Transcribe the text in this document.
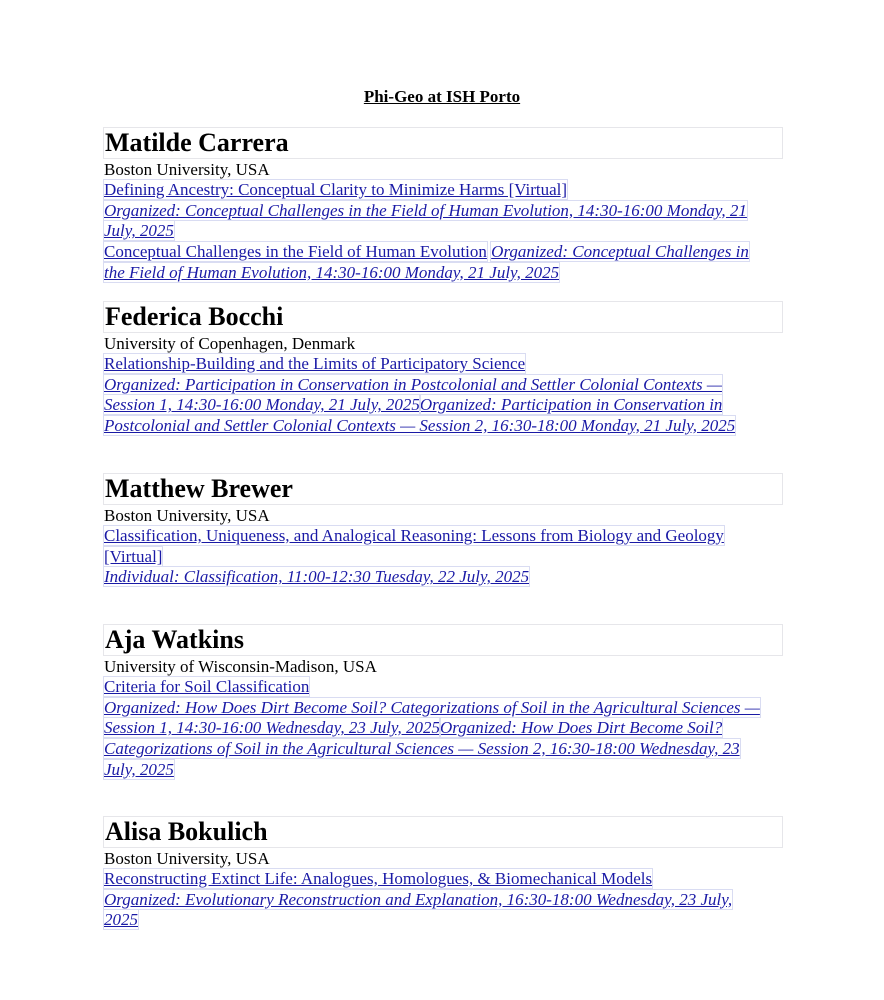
Phi-Geo at ISH Porto
Matilde Carrera
Boston University, USA
Defining Ancestry: Conceptual Clarity to Minimize Harms [Virtual]
Organized: Conceptual Challenges in the Field of Human Evolution, 14:30-16:00 Monday, 21
July, 2025
Conceptual Challenges in the Field of Human Evolution Organized: Conceptual Challenges in
the Field of Human Evolution, 14:30-16:00 Monday, 21 July, 2025
Federica Bocchi
University of Copenhagen, Denmark
Relationship-Building and the Limits of Participatory Science
Organized: Participation in Conservation in Postcolonial and Settler Colonial Contexts —
Session 1, 14:30-16:00 Monday, 21 July, 2025Organized: Participation in Conservation in
Postcolonial and Settler Colonial Contexts — Session 2, 16:30-18:00 Monday, 21 July, 2025
Matthew Brewer
Boston University, USA
Classification, Uniqueness, and Analogical Reasoning: Lessons from Biology and Geology
[Virtual]
Individual: Classification, 11:00-12:30 Tuesday, 22 July, 2025
Aja Watkins
University of Wisconsin-Madison, USA
Criteria for Soil Classification
Organized: How Does Dirt Become Soil? Categorizations of Soil in the Agricultural Sciences —
Session 1, 14:30-16:00 Wednesday, 23 July, 2025Organized: How Does Dirt Become Soil?
Categorizations of Soil in the Agricultural Sciences — Session 2, 16:30-18:00 Wednesday, 23
July, 2025
Alisa Bokulich
Boston University, USA
Reconstructing Extinct Life: Analogues, Homologues, & Biomechanical Models
Organized: Evolutionary Reconstruction and Explanation, 16:30-18:00 Wednesday, 23 July,
2025
